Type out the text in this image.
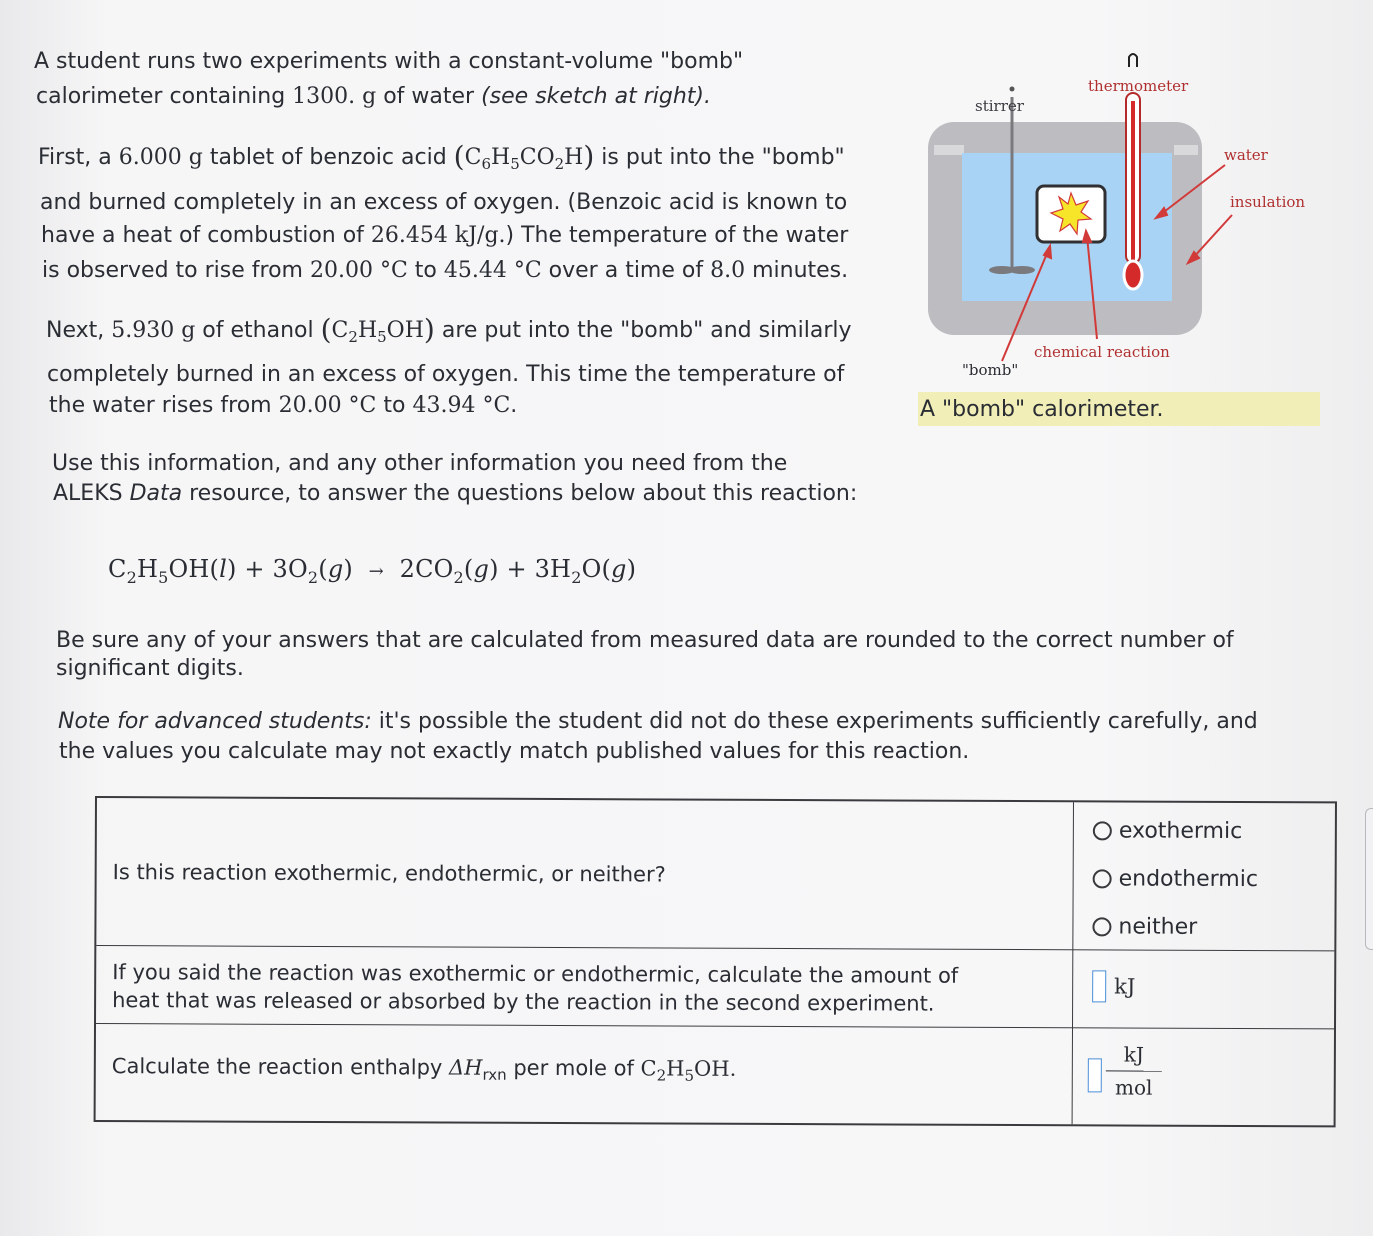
A student runs two experiments with a constant-volume "bomb"

calorimeter containing 1300. g of water (see sketch at right).

First, a 6.000 g tablet of benzoic acid $(C_6H_5CO_2H)$ is put into the "bomb"

and burned completely in an excess of oxygen. (Benzoic acid is known to

have a heat of combustion of 26.454 kJ/g.) The temperature of the water

is observed to rise from 20.00 °C to 45.44 °C over a time of 8.0 minutes.

Next, 5.930 g of ethanol $(C_2H_5OH)$ are put into the "bomb" and similarly

completely burned in an excess of oxygen. This time the temperature of

the water rises from 20.00 °C to 43.94 °C.

Use this information, and any other information you need from the

ALEKS Data resource, to answer the questions below about this reaction:

stirrer
thermometer
water
insulation
"bomb"
chemical reaction
A "bomb" calorimeter.
$C_2H_5OH(l) + 3O_2(g) \to 2CO_2(g) + 3H_2O(g)$

Be sure any of your answers that are calculated from measured data are rounded to the correct number of

significant digits.

Note for advanced students: it's possible the student did not do these experiments sufficiently carefully, and

the values you calculate may not exactly match published values for this reaction.

Is this reaction exothermic, endothermic, or neither?
exothermic
endothermic
neither
If you said the reaction was exothermic or endothermic, calculate the amount of
heat that was released or absorbed by the reaction in the second experiment.
kJ
Calculate the reaction enthalpy $\Delta H_{rxn}$ per mole of $C_2H_5OH$.
kJ
mol
